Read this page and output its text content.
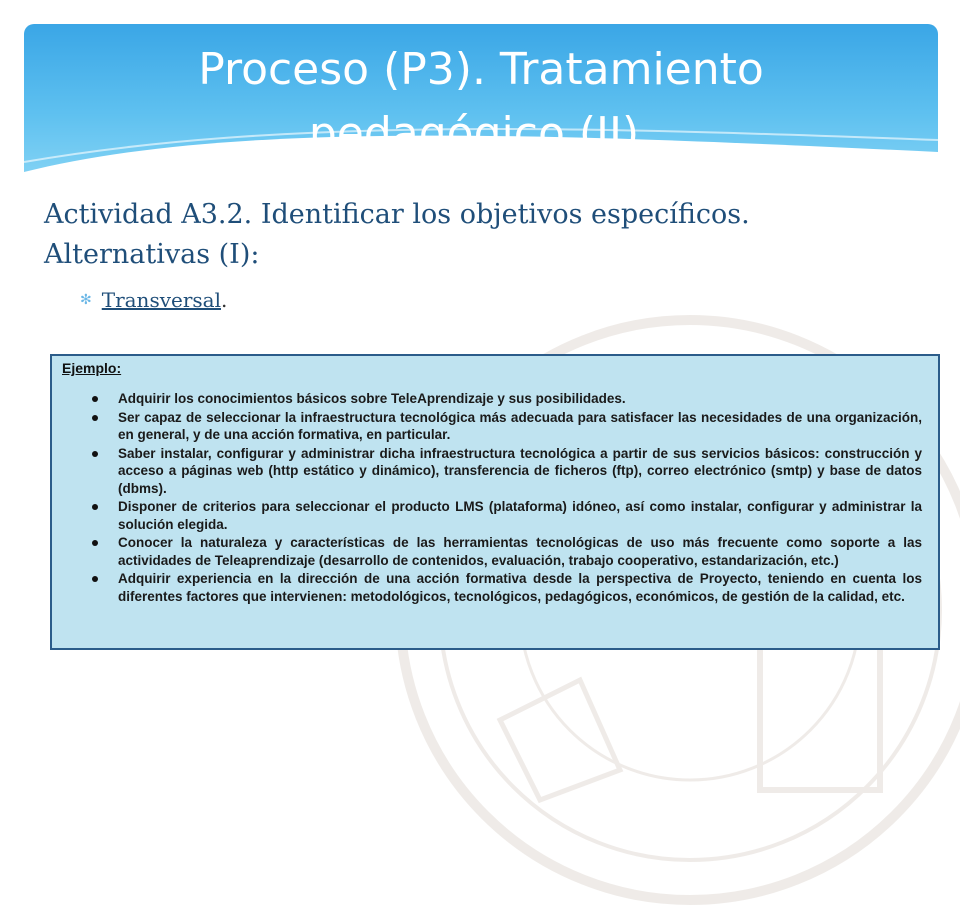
Proceso (P3). Tratamiento
pedagógico (II).
Actividad A3.2. Identificar los objetivos específicos.
Alternativas (I):
✻ Transversal .
Ejemplo:
Adquirir los conocimientos básicos sobre TeleAprendizaje y sus posibilidades.
Ser capaz de seleccionar la infraestructura tecnológica más adecuada para satisfacer las necesidades de una organización, en general, y de una acción formativa, en particular.
Saber instalar, configurar y administrar dicha infraestructura tecnológica a partir de sus servicios básicos: construcción y acceso a páginas web (http estático y dinámico), transferencia de ficheros (ftp), correo electrónico (smtp) y base de datos (dbms).
Disponer de criterios para seleccionar el producto LMS (plataforma) idóneo, así como instalar, configurar y administrar la solución elegida.
Conocer la naturaleza y características de las herramientas tecnológicas de uso más frecuente como soporte a las actividades de Teleaprendizaje (desarrollo de contenidos, evaluación, trabajo cooperativo, estandarización, etc.)
Adquirir experiencia en la dirección de una acción formativa desde la perspectiva de Proyecto, teniendo en cuenta los diferentes factores que intervienen: metodológicos, tecnológicos, pedagógicos, económicos, de gestión de la calidad, etc.
